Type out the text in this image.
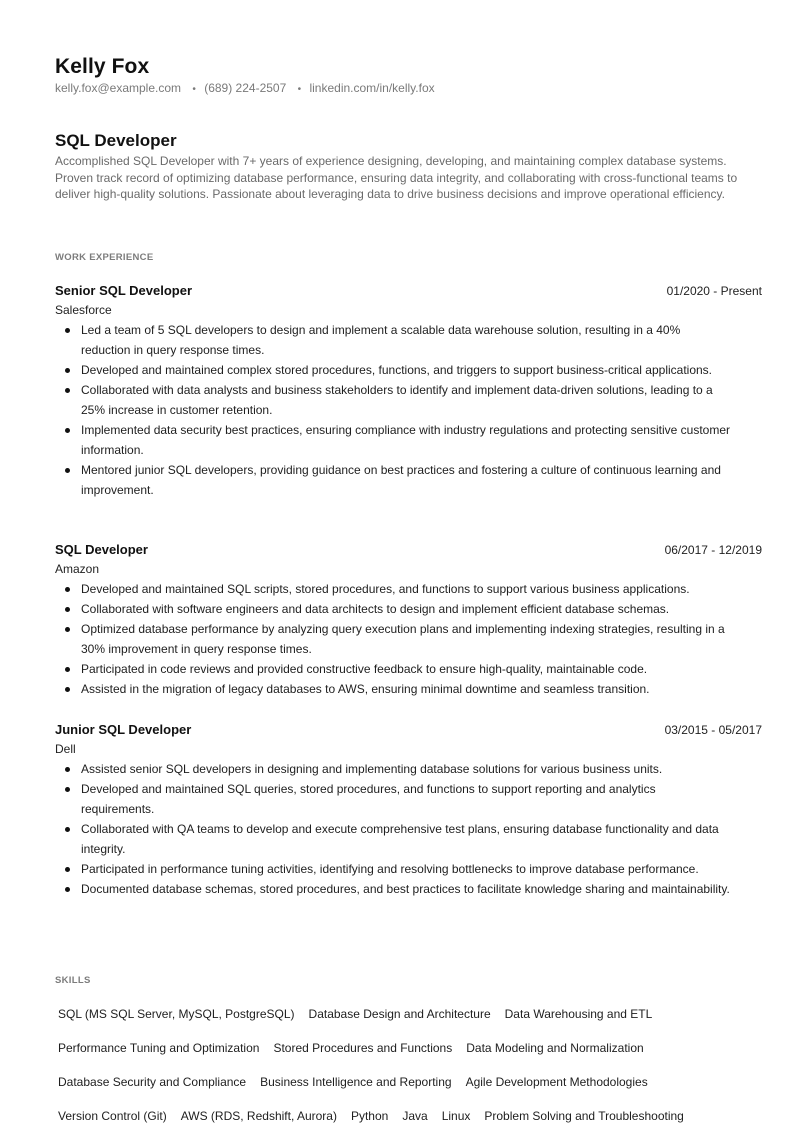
Kelly Fox
kelly.fox@example.com • (689) 224-2507 • linkedin.com/in/kelly.fox
SQL Developer
Accomplished SQL Developer with 7+ years of experience designing, developing, and maintaining complex database systems. Proven track record of optimizing database performance, ensuring data integrity, and collaborating with cross-functional teams to deliver high-quality solutions. Passionate about leveraging data to drive business decisions and improve operational efficiency.
WORK EXPERIENCE
Senior SQL Developer	01/2020 - Present
Salesforce
Led a team of 5 SQL developers to design and implement a scalable data warehouse solution, resulting in a 40% reduction in query response times.
Developed and maintained complex stored procedures, functions, and triggers to support business-critical applications.
Collaborated with data analysts and business stakeholders to identify and implement data-driven solutions, leading to a 25% increase in customer retention.
Implemented data security best practices, ensuring compliance with industry regulations and protecting sensitive customer information.
Mentored junior SQL developers, providing guidance on best practices and fostering a culture of continuous learning and improvement.
SQL Developer	06/2017 - 12/2019
Amazon
Developed and maintained SQL scripts, stored procedures, and functions to support various business applications.
Collaborated with software engineers and data architects to design and implement efficient database schemas.
Optimized database performance by analyzing query execution plans and implementing indexing strategies, resulting in a 30% improvement in query response times.
Participated in code reviews and provided constructive feedback to ensure high-quality, maintainable code.
Assisted in the migration of legacy databases to AWS, ensuring minimal downtime and seamless transition.
Junior SQL Developer	03/2015 - 05/2017
Dell
Assisted senior SQL developers in designing and implementing database solutions for various business units.
Developed and maintained SQL queries, stored procedures, and functions to support reporting and analytics requirements.
Collaborated with QA teams to develop and execute comprehensive test plans, ensuring database functionality and data integrity.
Participated in performance tuning activities, identifying and resolving bottlenecks to improve database performance.
Documented database schemas, stored procedures, and best practices to facilitate knowledge sharing and maintainability.
SKILLS
SQL (MS SQL Server, MySQL, PostgreSQL)	Database Design and Architecture	Data Warehousing and ETL
Performance Tuning and Optimization	Stored Procedures and Functions	Data Modeling and Normalization
Database Security and Compliance	Business Intelligence and Reporting	Agile Development Methodologies
Version Control (Git)	AWS (RDS, Redshift, Aurora)	Python	Java	Linux	Problem Solving and Troubleshooting
